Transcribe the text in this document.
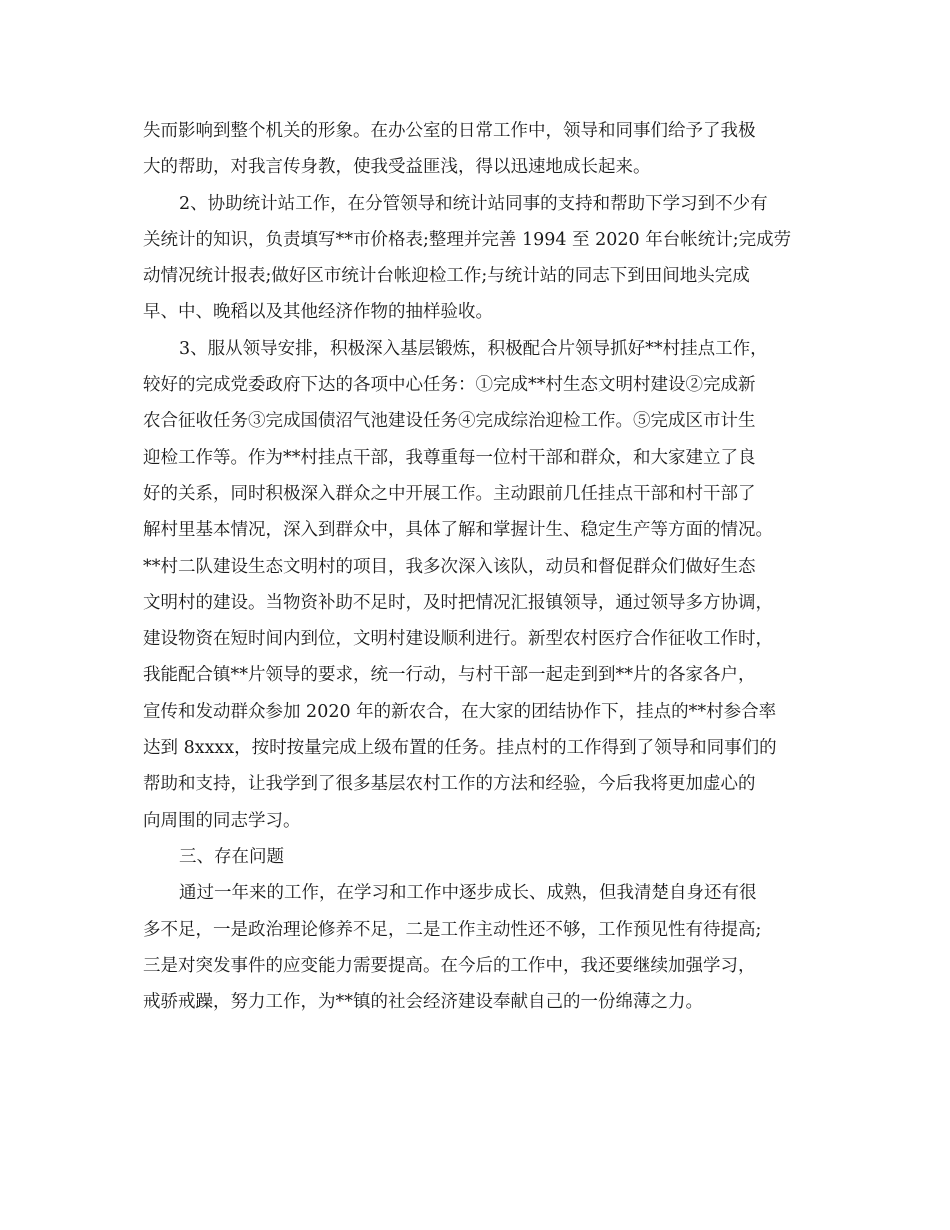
失而影响到整个机关的形象。在办公室的日常工作中，领导和同事们给予了我极
大的帮助，对我言传身教，使我受益匪浅，得以迅速地成长起来。
2、协助统计站工作，在分管领导和统计站同事的支持和帮助下学习到不少有
关统计的知识，负责填写**市价格表;整理并完善 1994 至 2020 年台帐统计;完成劳
动情况统计报表;做好区市统计台帐迎检工作;与统计站的同志下到田间地头完成
早、中、晚稻以及其他经济作物的抽样验收。
3、服从领导安排，积极深入基层锻炼，积极配合片领导抓好**村挂点工作，
较好的完成党委政府下达的各项中心任务：①完成**村生态文明村建设②完成新
农合征收任务③完成国债沼气池建设任务④完成综治迎检工作。⑤完成区市计生
迎检工作等。作为**村挂点干部，我尊重每一位村干部和群众，和大家建立了良
好的关系，同时积极深入群众之中开展工作。主动跟前几任挂点干部和村干部了
解村里基本情况，深入到群众中，具体了解和掌握计生、稳定生产等方面的情况。
**村二队建设生态文明村的项目，我多次深入该队，动员和督促群众们做好生态
文明村的建设。当物资补助不足时，及时把情况汇报镇领导，通过领导多方协调，
建设物资在短时间内到位，文明村建设顺利进行。新型农村医疗合作征收工作时，
我能配合镇**片领导的要求，统一行动，与村干部一起走到到**片的各家各户，
宣传和发动群众参加 2020 年的新农合，在大家的团结协作下，挂点的**村参合率
达到 8xxxx，按时按量完成上级布置的任务。挂点村的工作得到了领导和同事们的
帮助和支持，让我学到了很多基层农村工作的方法和经验，今后我将更加虚心的
向周围的同志学习。
三、存在问题
通过一年来的工作，在学习和工作中逐步成长、成熟，但我清楚自身还有很
多不足，一是政治理论修养不足，二是工作主动性还不够，工作预见性有待提高;
三是对突发事件的应变能力需要提高。在今后的工作中，我还要继续加强学习，
戒骄戒躁，努力工作，为**镇的社会经济建设奉献自己的一份绵薄之力。
